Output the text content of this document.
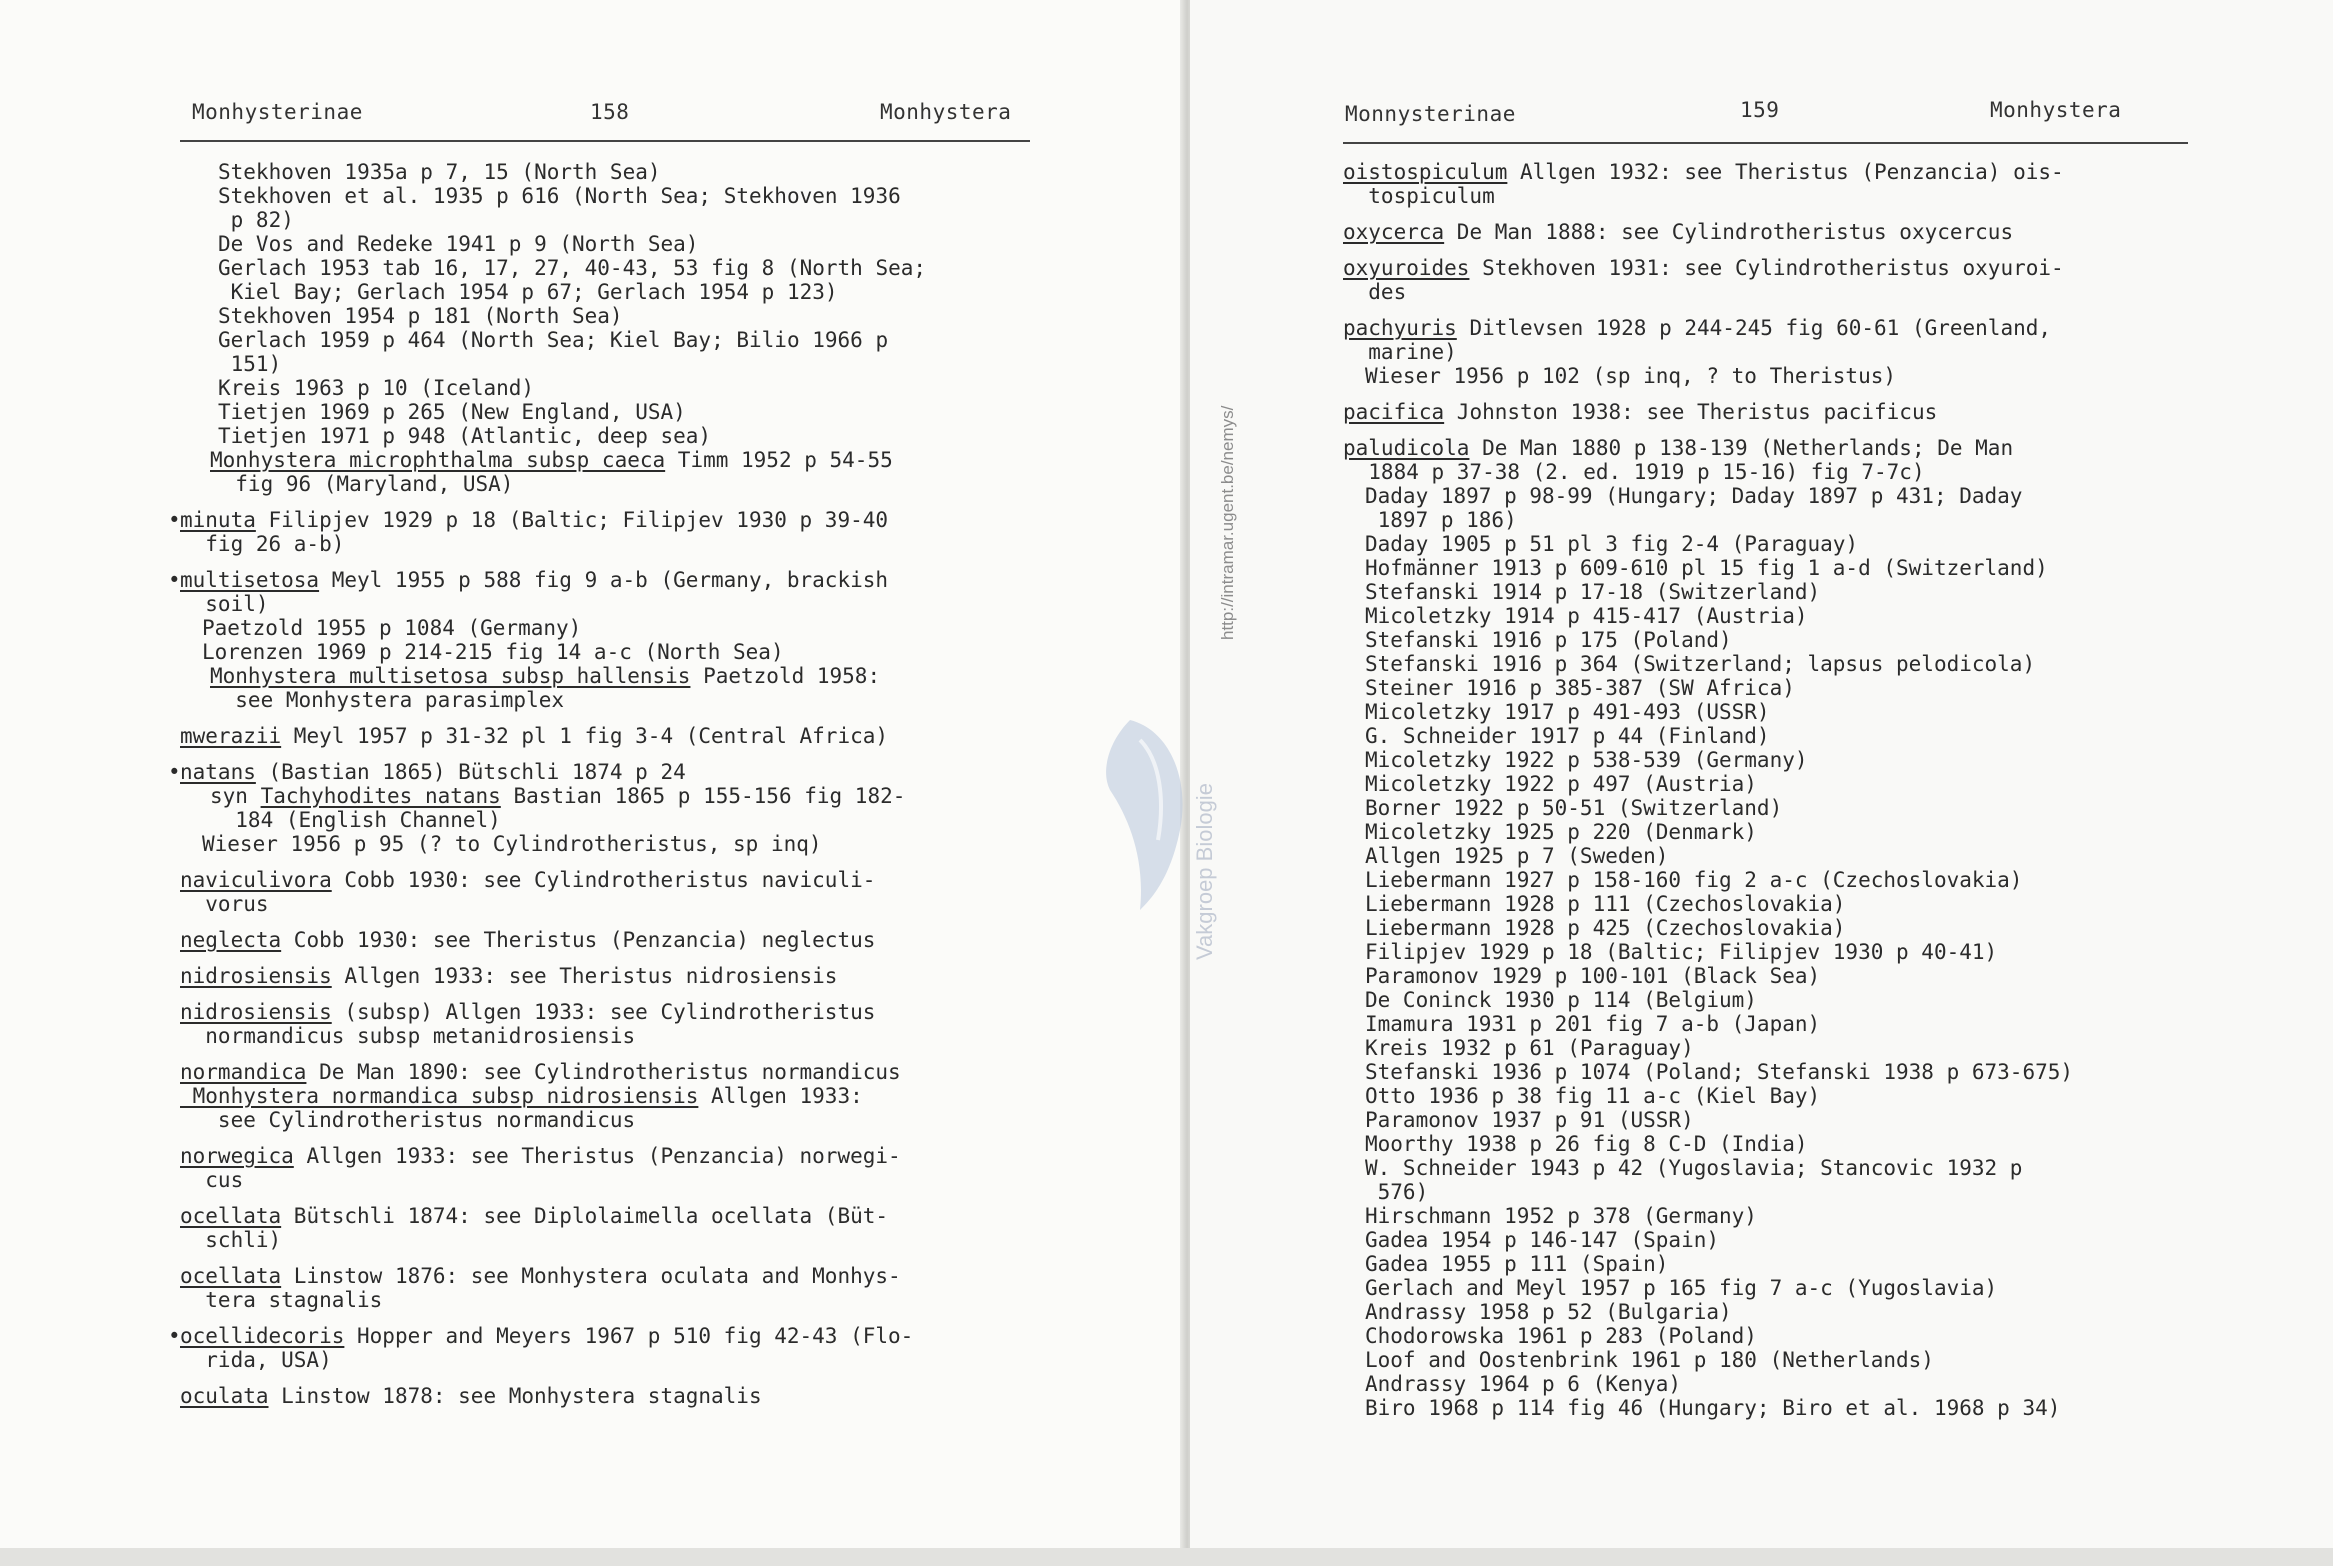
Monhysterinae	158	Monhystera
Stekhoven 1935a p 7, 15 (North Sea)
Stekhoven et al. 1935 p 616 (North Sea; Stekhoven 1936
p 82)
De Vos and Redeke 1941 p 9 (North Sea)
Gerlach 1953 tab 16, 17, 27, 40-43, 53 fig 8 (North Sea;
Kiel Bay; Gerlach 1954 p 67; Gerlach 1954 p 123)
Stekhoven 1954 p 181 (North Sea)
Gerlach 1959 p 464 (North Sea; Kiel Bay; Bilio 1966 p
151)
Kreis 1963 p 10 (Iceland)
Tietjen 1969 p 265 (New England, USA)
Tietjen 1971 p 948 (Atlantic, deep sea)
Monhystera microphthalma subsp caeca Timm 1952 p 54-55
fig 96 (Maryland, USA)
• minuta Filipjev 1929 p 18 (Baltic; Filipjev 1930 p 39-40
fig 26 a-b)
• multisetosa Meyl 1955 p 588 fig 9 a-b (Germany, brackish
soil)
Paetzold 1955 p 1084 (Germany)
Lorenzen 1969 p 214-215 fig 14 a-c (North Sea)
Monhystera multisetosa subsp hallensis Paetzold 1958:
see Monhystera parasimplex
mwerazii Meyl 1957 p 31-32 pl 1 fig 3-4 (Central Africa)
• natans (Bastian 1865) Bütschli 1874 p 24
syn Tachyhodites natans Bastian 1865 p 155-156 fig 182-
184 (English Channel)
Wieser 1956 p 95 (? to Cylindrotheristus, sp inq)
naviculivora Cobb 1930: see Cylindrotheristus naviculi-
vorus
neglecta Cobb 1930: see Theristus (Penzancia) neglectus
nidrosiensis Allgen 1933: see Theristus nidrosiensis
nidrosiensis (subsp) Allgen 1933: see Cylindrotheristus
normandicus subsp metanidrosiensis
normandica De Man 1890: see Cylindrotheristus normandicus
Monhystera normandica subsp nidrosiensis Allgen 1933:
see Cylindrotheristus normandicus
norwegica Allgen 1933: see Theristus (Penzancia) norwegi-
cus
ocellata Bütschli 1874: see Diplolaimella ocellata (Büt-
schli)
ocellata Linstow 1876: see Monhystera oculata and Monhys-
tera stagnalis
• ocellidecoris Hopper and Meyers 1967 p 510 fig 42-43 (Flo-
rida, USA)
oculata Linstow 1878: see Monhystera stagnalis
Monnysterinae	159	Monhystera
oistospiculum Allgen 1932: see Theristus (Penzancia) ois-
tospiculum
oxycerca De Man 1888: see Cylindrotheristus oxycercus
oxyuroides Stekhoven 1931: see Cylindrotheristus oxyuroi-
des
pachyuris Ditlevsen 1928 p 244-245 fig 60-61 (Greenland,
marine)
Wieser 1956 p 102 (sp inq, ? to Theristus)
pacifica Johnston 1938: see Theristus pacificus
paludicola De Man 1880 p 138-139 (Netherlands; De Man
1884 p 37-38 (2. ed. 1919 p 15-16) fig 7-7c)
Daday 1897 p 98-99 (Hungary; Daday 1897 p 431; Daday
1897 p 186)
Daday 1905 p 51 pl 3 fig 2-4 (Paraguay)
Hofmänner 1913 p 609-610 pl 15 fig 1 a-d (Switzerland)
Stefanski 1914 p 17-18 (Switzerland)
Micoletzky 1914 p 415-417 (Austria)
Stefanski 1916 p 175 (Poland)
Stefanski 1916 p 364 (Switzerland; lapsus pelodicola)
Steiner 1916 p 385-387 (SW Africa)
Micoletzky 1917 p 491-493 (USSR)
G. Schneider 1917 p 44 (Finland)
Micoletzky 1922 p 538-539 (Germany)
Micoletzky 1922 p 497 (Austria)
Borner 1922 p 50-51 (Switzerland)
Micoletzky 1925 p 220 (Denmark)
Allgen 1925 p 7 (Sweden)
Liebermann 1927 p 158-160 fig 2 a-c (Czechoslovakia)
Liebermann 1928 p 111 (Czechoslovakia)
Liebermann 1928 p 425 (Czechoslovakia)
Filipjev 1929 p 18 (Baltic; Filipjev 1930 p 40-41)
Paramonov 1929 p 100-101 (Black Sea)
De Coninck 1930 p 114 (Belgium)
Imamura 1931 p 201 fig 7 a-b (Japan)
Kreis 1932 p 61 (Paraguay)
Stefanski 1936 p 1074 (Poland; Stefanski 1938 p 673-675)
Otto 1936 p 38 fig 11 a-c (Kiel Bay)
Paramonov 1937 p 91 (USSR)
Moorthy 1938 p 26 fig 8 C-D (India)
W. Schneider 1943 p 42 (Yugoslavia; Stancovic 1932 p
576)
Hirschmann 1952 p 378 (Germany)
Gadea 1954 p 146-147 (Spain)
Gadea 1955 p 111 (Spain)
Gerlach and Meyl 1957 p 165 fig 7 a-c (Yugoslavia)
Andrassy 1958 p 52 (Bulgaria)
Chodorowska 1961 p 283 (Poland)
Loof and Oostenbrink 1961 p 180 (Netherlands)
Andrassy 1964 p 6 (Kenya)
Biro 1968 p 114 fig 46 (Hungary; Biro et al. 1968 p 34)
Vakgroep Biologie
http://intramar.ugent.be/nemys/
